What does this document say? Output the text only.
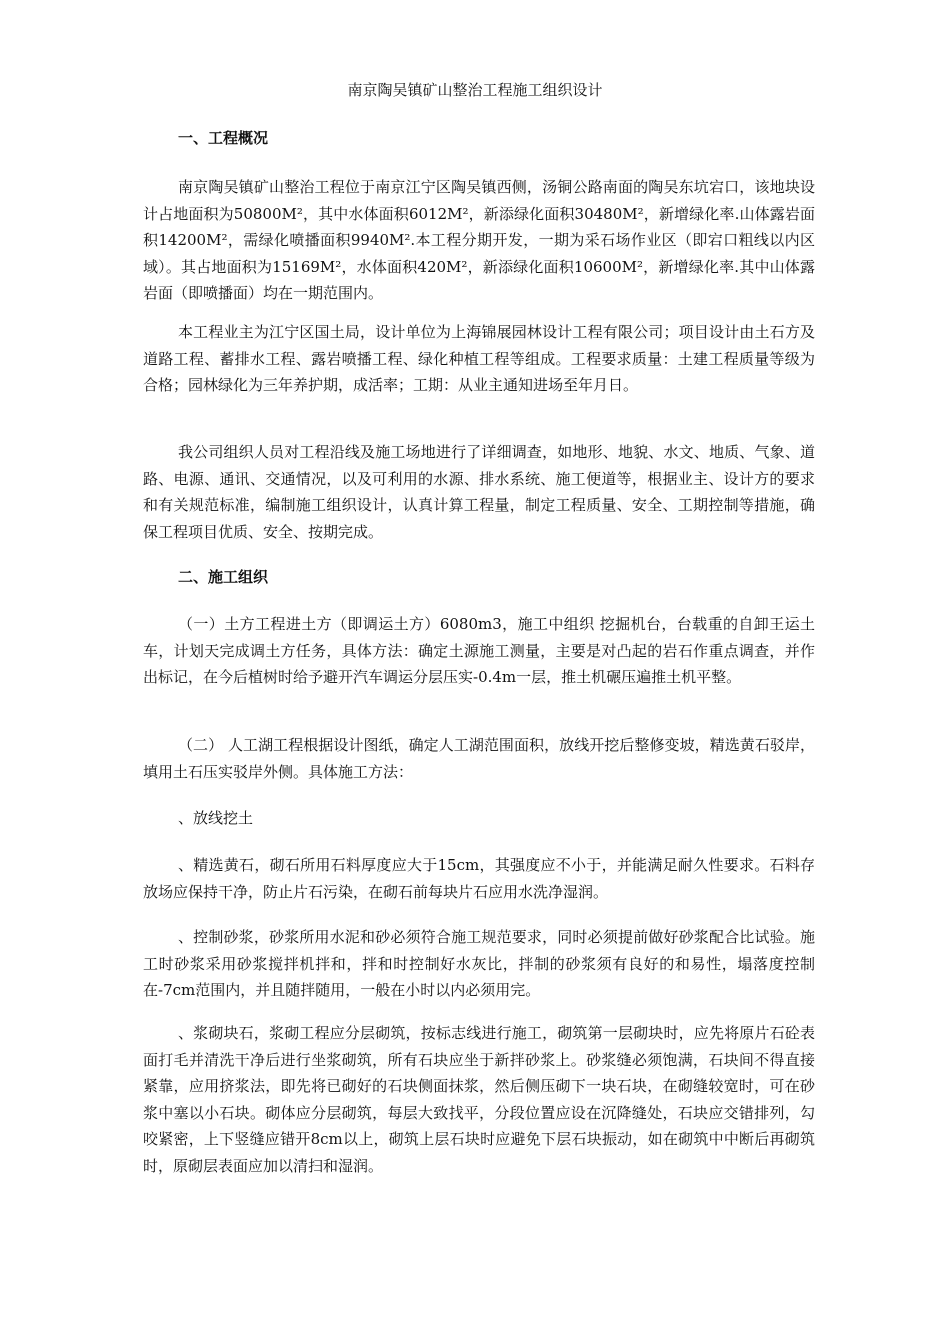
南京陶吴镇矿山整治工程施工组织设计
一、工程概况
南京陶吴镇矿山整治工程位于南京江宁区陶吴镇西侧，汤铜公路南面的陶吴东坑宕口，该地块设计占地面积为50800M²，其中水体面积6012M²，新添绿化面积30480M²，新增绿化率.山体露岩面积14200M²，需绿化喷播面积9940M².本工程分期开发，一期为采石场作业区（即宕口粗线以内区域）。其占地面积为15169M²，水体面积420M²，新添绿化面积10600M²，新增绿化率.其中山体露岩面（即喷播面）均在一期范围内。
本工程业主为江宁区国土局，设计单位为上海锦展园林设计工程有限公司；项目设计由土石方及道路工程、蓄排水工程、露岩喷播工程、绿化种植工程等组成。工程要求质量：土建工程质量等级为合格；园林绿化为三年养护期，成活率；工期：从业主通知进场至年月日。
我公司组织人员对工程沿线及施工场地进行了详细调查，如地形、地貌、水文、地质、气象、道路、电源、通讯、交通情况，以及可利用的水源、排水系统、施工便道等，根据业主、设计方的要求和有关规范标准，编制施工组织设计，认真计算工程量，制定工程质量、安全、工期控制等措施，确保工程项目优质、安全、按期完成。
二、施工组织
（一）土方工程进土方（即调运土方）6080m3，施工中组织 挖掘机台，台载重的自卸王运土车，计划天完成调土方任务，具体方法：确定土源施工测量，主要是对凸起的岩石作重点调查，并作出标记，在今后植树时给予避开汽车调运分层压实-0.4m一层，推土机碾压遍推土机平整。
（二） 人工湖工程根据设计图纸，确定人工湖范围面积，放线开挖后整修变坡，精选黄石驳岸，填用土石压实驳岸外侧。具体施工方法：
、放线挖土
、精选黄石，砌石所用石料厚度应大于15cm，其强度应不小于，并能满足耐久性要求。石料存放场应保持干净，防止片石污染，在砌石前每块片石应用水洗净湿润。
、控制砂浆，砂浆所用水泥和砂必须符合施工规范要求，同时必须提前做好砂浆配合比试验。施工时砂浆采用砂浆搅拌机拌和，拌和时控制好水灰比，拌制的砂浆须有良好的和易性，塌落度控制在-7cm范围内，并且随拌随用，一般在小时以内必须用完。
、浆砌块石，浆砌工程应分层砌筑，按标志线进行施工，砌筑第一层砌块时，应先将原片石砼表面打毛并清洗干净后进行坐浆砌筑，所有石块应坐于新拌砂浆上。砂浆缝必须饱满，石块间不得直接紧靠，应用挤浆法，即先将已砌好的石块侧面抹浆，然后侧压砌下一块石块，在砌缝较宽时，可在砂浆中塞以小石块。砌体应分层砌筑，每层大致找平，分段位置应设在沉降缝处，石块应交错排列，勾咬紧密，上下竖缝应错开8cm以上，砌筑上层石块时应避免下层石块振动，如在砌筑中中断后再砌筑时，原砌层表面应加以清扫和湿润。
